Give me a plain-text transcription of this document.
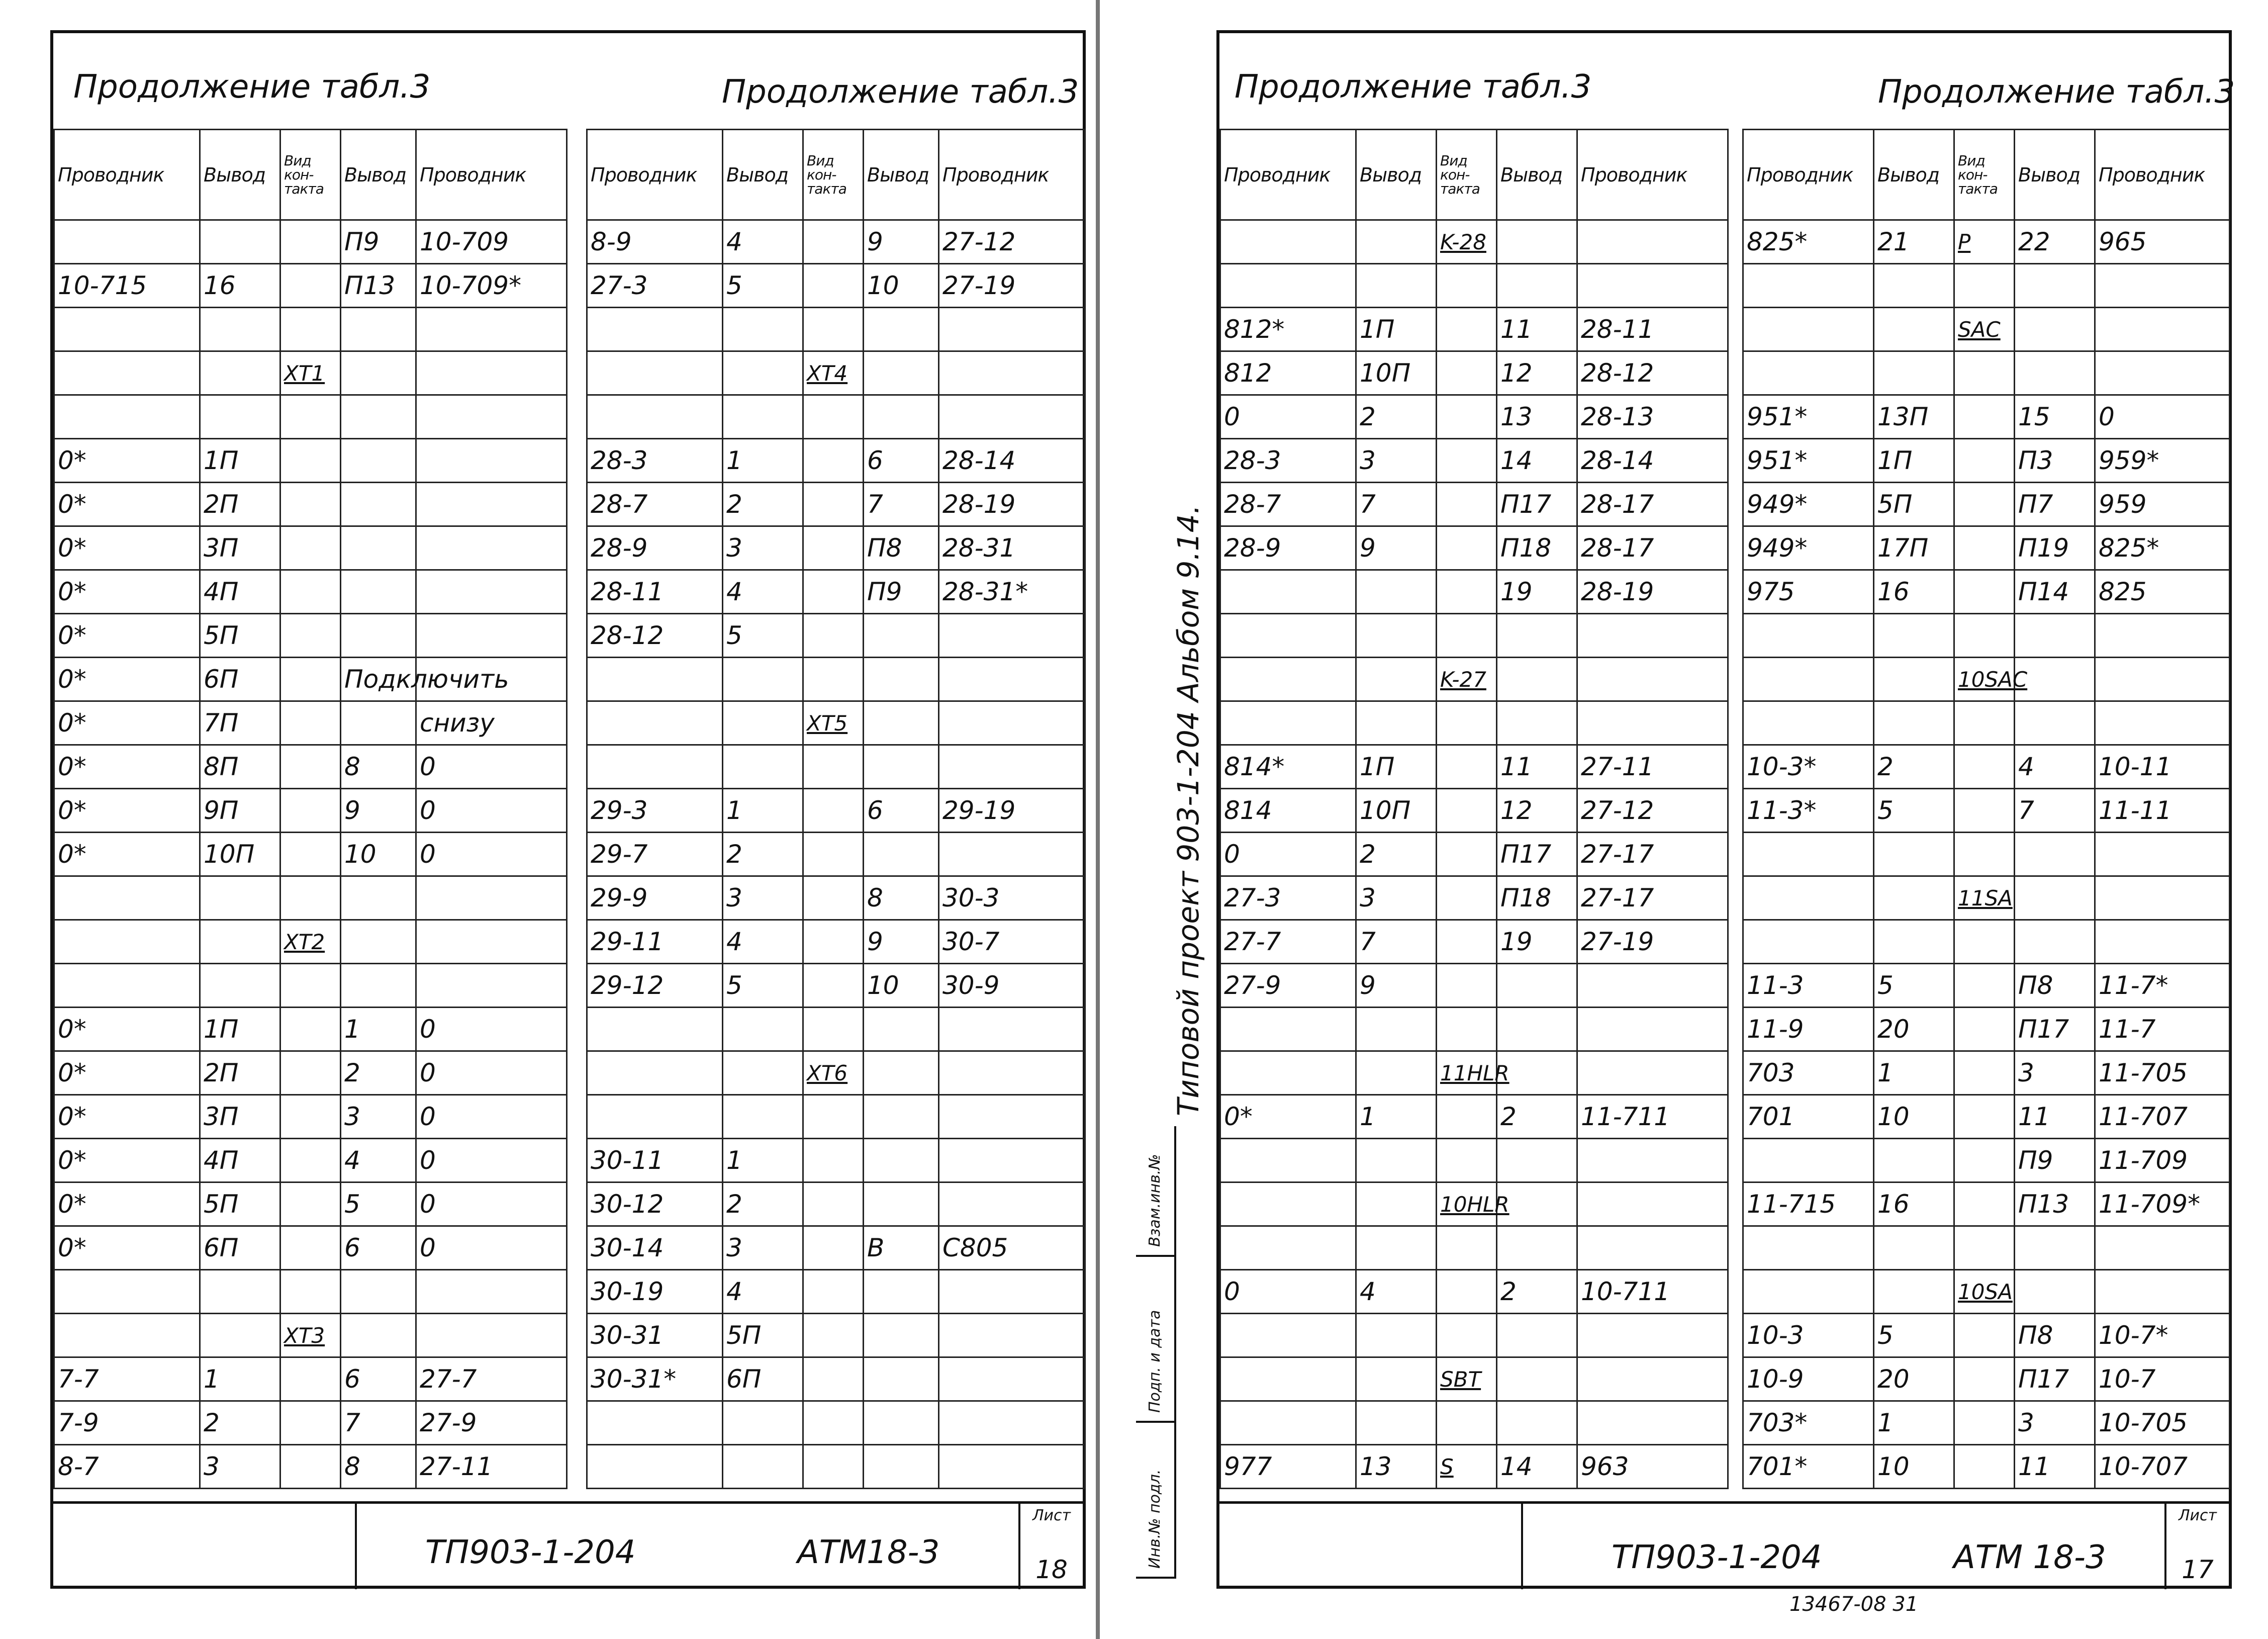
Продолжение табл.3	Продолжение табл.3
Проводник	Вывод	Вид кон-такта	Вывод	Проводник
			П9	10-709
10-715	16		П13	10-709*

		XT1		

0*	1П			
0*	2П			
0*	3П			
0*	4П			
0*	5П			
0*	6П		Подключить	
0*	7П			снизу
0*	8П		8	0
0*	9П		9	0
0*	10П		10	0

		XT2		

0*	1П		1	0
0*	2П		2	0
0*	3П		3	0
0*	4П		4	0
0*	5П		5	0
0*	6П		6	0

		XT3		
7-7	1		6	27-7
7-9	2		7	27-9
8-7	3		8	27-11
Проводник	Вывод	Вид кон-такта	Вывод	Проводник
8-9	4		9	27-12
27-3	5		10	27-19

		XT4		

28-3	1		6	28-14
28-7	2		7	28-19
28-9	3		П8	28-31
28-11	4		П9	28-31*
28-12	5			

		XT5		

29-3	1		6	29-19
29-7	2			
29-9	3		8	30-3
29-11	4		9	30-7
29-12	5		10	30-9

		XT6		

30-11	1			
30-12	2			
30-14	3		В	С805
30-19	4			
30-31	5П			
30-31*	6П			

ТП903-1-204	АТМ18-3
Лист
18
Типовой проект 903-1-204 Альбом 9.14.
Взам.инв.№
Подп. и дата
Инв.№ подл.
Продолжение табл.3	Продолжение табл.3
Проводник	Вывод	Вид кон-такта	Вывод	Проводник
		K-28		

812*	1П		11	28-11
812	10П		12	28-12
0	2		13	28-13
28-3	3		14	28-14
28-7	7		П17	28-17
28-9	9		П18	28-17
			19	28-19

		K-27		

814*	1П		11	27-11
814	10П		12	27-12
0	2		П17	27-17
27-3	3		П18	27-17
27-7	7		19	27-19
27-9	9			

		11HLR		
0*	1		2	11-711

		10HLR		

0	4		2	10-711

		SBT		

977	13	S	14	963
Проводник	Вывод	Вид кон-такта	Вывод	Проводник
825*	21	P	22	965

		SAC		

951*	13П		15	0
951*	1П		П3	959*
949*	5П		П7	959
949*	17П		П19	825*
975	16		П14	825

		10SAC		

10-3*	2		4	10-11
11-3*	5		7	11-11

		11SA		

11-3	5		П8	11-7*
11-9	20		П17	11-7
703	1		3	11-705
701	10		11	11-707
			П9	11-709
11-715	16		П13	11-709*

		10SA		
10-3	5		П8	10-7*
10-9	20		П17	10-7
703*	1		3	10-705
701*	10		11	10-707
ТП903-1-204	АТМ 18-3
Лист
17
13467-08 31
